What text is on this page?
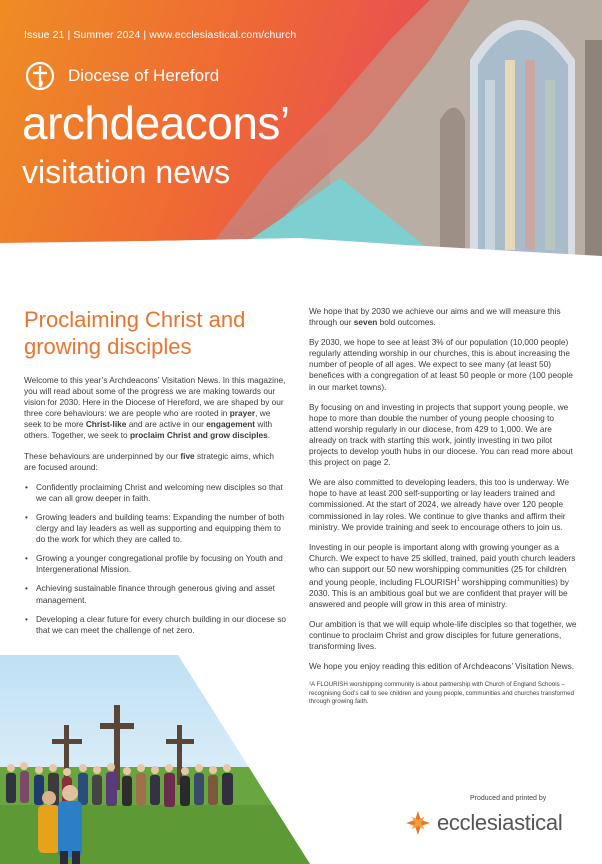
Issue 21 | Summer 2024 | www.ecclesiastical.com/church
Diocese of Hereford
archdeacons’
visitation news
Proclaiming Christ and growing disciples

Welcome to this year’s Archdeacons’ Visitation News. In this magazine, you will read about some of the progress we are making towards our vision for 2030. Here in the Diocese of Hereford, we are shaped by our three core behaviours: we are people who are rooted in prayer, we seek to be more Christ-like and are active in our engagement with others. Together, we seek to proclaim Christ and grow disciples.

These behaviours are underpinned by our five strategic aims, which are focused around:

• Confidently proclaiming Christ and welcoming new disciples so that we can all grow deeper in faith.
• Growing leaders and building teams: Expanding the number of both clergy and lay leaders as well as supporting and equipping them to do the work for which they are called to.
• Growing a younger congregational profile by focusing on Youth and Intergenerational Mission.
• Achieving sustainable finance through generous giving and asset management.
• Developing a clear future for every church building in our diocese so that we can meet the challenge of net zero.

We hope that by 2030 we achieve our aims and we will measure this through our seven bold outcomes.

By 2030, we hope to see at least 3% of our population (10,000 people) regularly attending worship in our churches, this is about increasing the number of people of all ages. We expect to see many (at least 50) benefices with a congregation of at least 50 people or more (100 people in our market towns).

By focusing on and investing in projects that support young people, we hope to more than double the number of young people choosing to attend worship regularly in our diocese, from 429 to 1,000. We are already on track with starting this work, jointly investing in two pilot projects to develop youth hubs in our diocese. You can read more about this project on page 2.

We are also committed to developing leaders, this too is underway. We hope to have at least 200 self-supporting or lay leaders trained and commissioned. At the start of 2024, we already have over 120 people commissioned in lay roles. We continue to give thanks and affirm their ministry. We provide training and seek to encourage others to join us.

Investing in our people is important along with growing younger as a Church. We expect to have 25 skilled, trained, paid youth church leaders who can support our 50 new worshipping communities (25 for children and young people, including FLOURISH$^1$ worshipping communities) by 2030. This is an ambitious goal but we are confident that prayer will be answered and people will grow in this area of ministry.

Our ambition is that we will equip whole-life disciples so that together, we continue to proclaim Christ and grow disciples for future generations, transforming lives.

We hope you enjoy reading this edition of Archdeacons’ Visitation News.

¹A FLOURISH worshipping community is about partnership with Church of England Schools – recognising God’s call to see children and young people, communities and churches transformed through growing faith.

Produced and printed by
ecclesiastical
